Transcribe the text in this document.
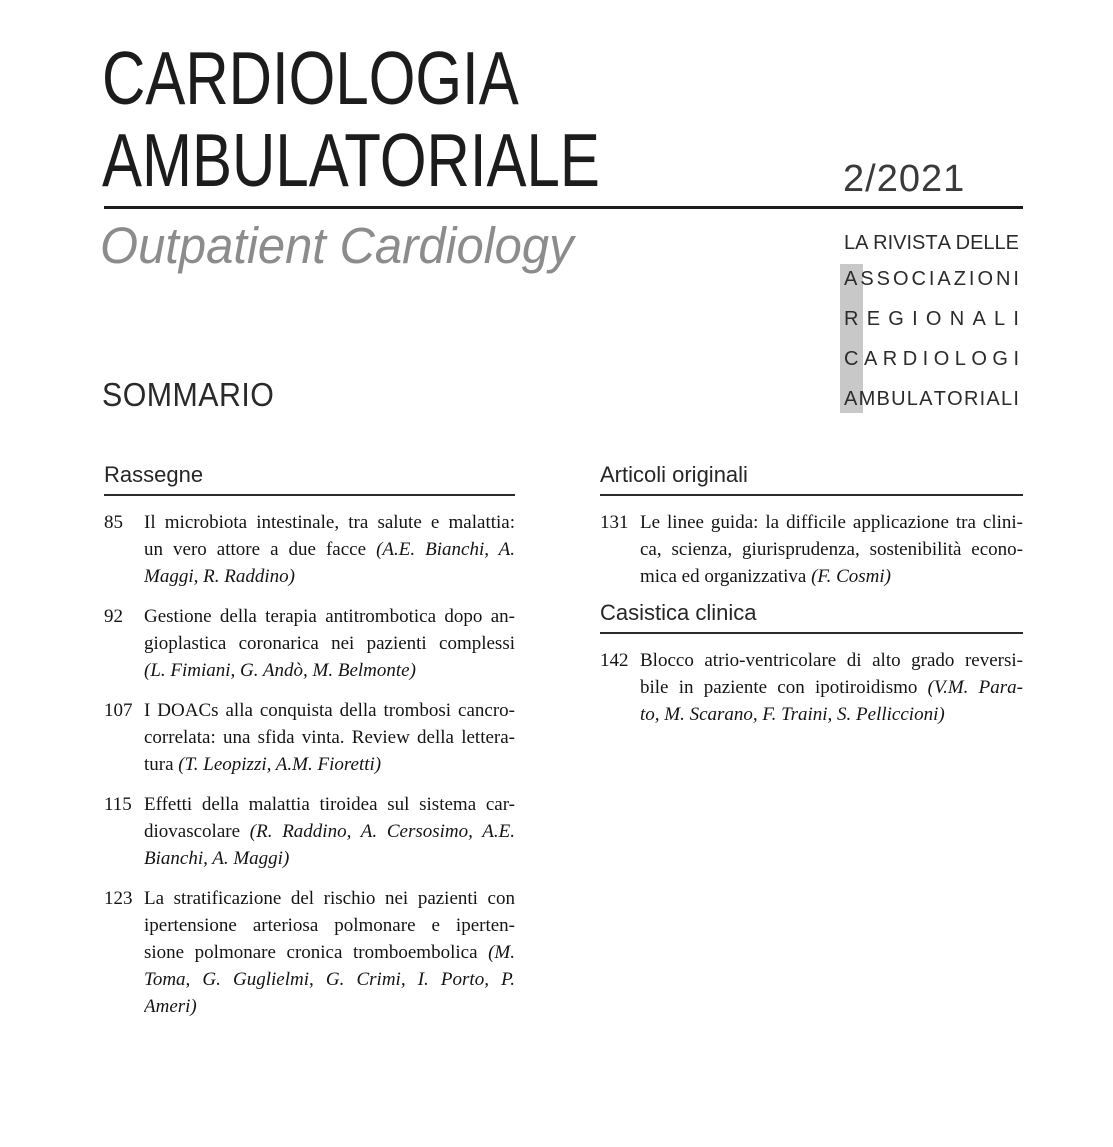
CARDIOLOGIA
AMBULATORIALE	2/2021
Outpatient Cardiology	L A R I V I S T A D E L L E
A S S O C I A Z I O N I
R E G I O N A L I
C A R D I O L O G I
A M B U L A T O R I A L I
SOMMARIO
Rassegne
85	Il microbiota intestinale, tra salute e malattia:
un vero attore a due facce (A.E. Bianchi, A.
Maggi, R. Raddino)
92	Gestione della terapia antitrombotica dopo an-
gioplastica coronarica nei pazienti complessi
(L. Fimiani, G. Andò, M. Belmonte)
107 I DOACs alla conquista della trombosi cancro-
correlata: una sfida vinta. Review della lettera-
tura (T. Leopizzi, A.M. Fioretti)
115 Effetti della malattia tiroidea sul sistema car-
diovascolare (R. Raddino, A. Cersosimo, A.E.
Bianchi, A. Maggi)
123 La stratificazione del rischio nei pazienti con
ipertensione arteriosa polmonare e iperten-
sione polmonare cronica tromboembolica (M.
Toma, G. Guglielmi, G. Crimi, I. Porto, P.
Ameri)
Articoli originali
131 Le linee guida: la difficile applicazione tra clini-
ca, scienza, giurisprudenza, sostenibilità econo-
mica ed organizzativa (F. Cosmi)
Casistica clinica
142 Blocco atrio-ventricolare di alto grado reversi-
bile in paziente con ipotiroidismo (V.M. Para-
to, M. Scarano, F. Traini, S. Pelliccioni)
